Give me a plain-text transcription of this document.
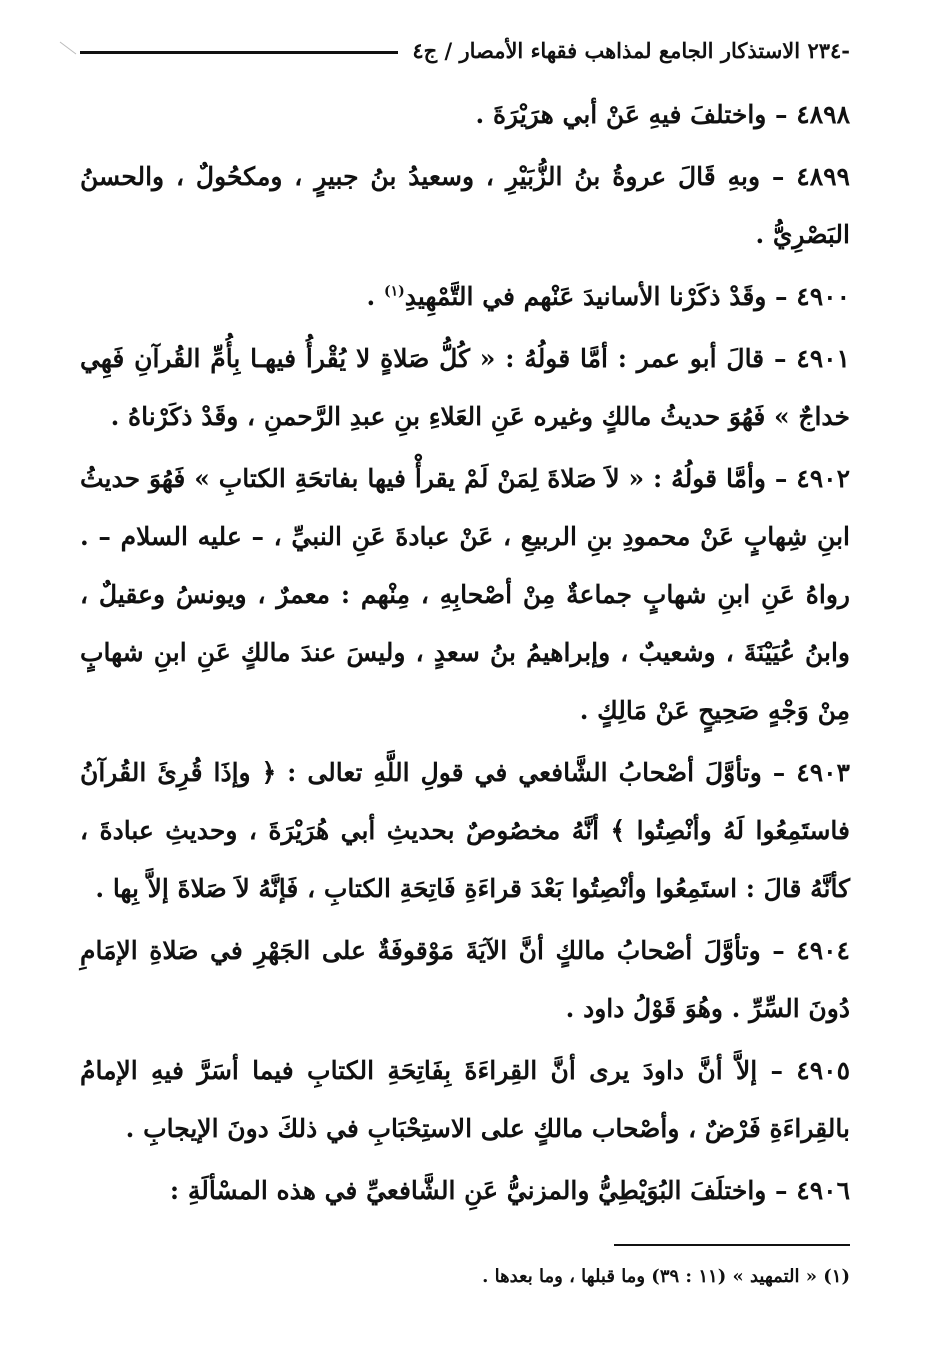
-٢٣٤ الاستذكار الجامع لمذاهب فقهاء الأمصار / ج٤

٤٨٩٨ – واختلفَ فيهِ عَنْ أبي هرَيْرَةَ .

٤٨٩٩ – وبهِ قَالَ عروةُ بنُ الزُّبَيْرِ ، وسعيدُ بنُ جبيرٍ ، ومكحُولٌ ، والحسنُ البَصْرِيُّ .

٤٩٠٠ – وقَدْ ذكَرْنا الأسانيدَ عَنْهم في التَّمْهِيدِ$^{(١)}$ .

٤٩٠١ – قالَ أبو عمر : أمَّا قولُهُ : « كُلُّ صَلاةٍ لا يُقْرأُ فيهـا بِأُمِّ القُرآنِ فَهِي خداجٌ » فَهُوَ حديثُ مالكٍ وغيره عَنِ العَلاءِ بنِ عبدِ الرَّحمنِ ، وقَدْ ذكَرْناهُ .

٤٩٠٢ – وأمَّا قولُهُ : « لاَ صَلاةَ لِمَنْ لَمْ يقرأْ فيها بفاتحَةِ الكتابِ » فَهُوَ حديثُ ابنِ شِهابٍ عَنْ محمودِ بنِ الربيعِ ، عَنْ عبادةَ عَنِ النبيِّ ، – عليه السلام – . رواهُ عَنِ ابنِ شهابٍ جماعةٌ مِنْ أصْحابِهِ ، مِنْهم : معمرٌ ، ويونسُ وعقيلٌ ، وابنُ عُيَيْنَةَ ، وشعيبٌ ، وإبراهيمُ بنُ سعدٍ ، وليسَ عندَ مالكٍ عَنِ ابنِ شهابٍ مِنْ وَجْهٍ صَحِيحٍ عَنْ مَالِكٍ .

٤٩٠٣ – وتأوَّلَ أصْحابُ الشَّافعي في قولِ اللَّهِ تعالى : ﴿ وإذَا قُرِئَ القُرآنُ فاستَمِعُوا لَهُ وأنْصِتُوا ﴾ أنَّهُ مخصُوصٌ بحديثِ أبي هُرَيْرَةَ ، وحديثِ عبادةَ ، كأنَّهُ قالَ : استَمِعُوا وأنْصِتُوا بَعْدَ قراءَةِ فَاتِحَةِ الكتابِ ، فَإنَّهُ لاَ صَلاةَ إلاَّ بِها .

٤٩٠٤ – وتأوَّلَ أصْحابُ مالكٍ أنَّ الآيَةَ مَوْقوفَةٌ على الجَهْرِ في صَلاةِ الإمَامِ دُونَ السِّرِّ . وهُوَ قَوْلُ داود .

٤٩٠٥ – إلاَّ أنَّ داودَ يرى أنَّ القِراءَةَ بِفَاتِحَةِ الكتابِ فيما أسَرَّ فيهِ الإمامُ بالقِراءَةِ فَرْضٌ ، وأصْحاب مالكٍ على الاستِحْبَابِ في ذلكَ دونَ الإيجابِ .

٤٩٠٦ – واختلَفَ البُوَيْطِيُّ والمزنيُّ عَنِ الشَّافعيِّ في هذه المسْألَةِ :

(١) « التمهيد » (١١ : ٣٩) وما قبلها ، وما بعدها .
